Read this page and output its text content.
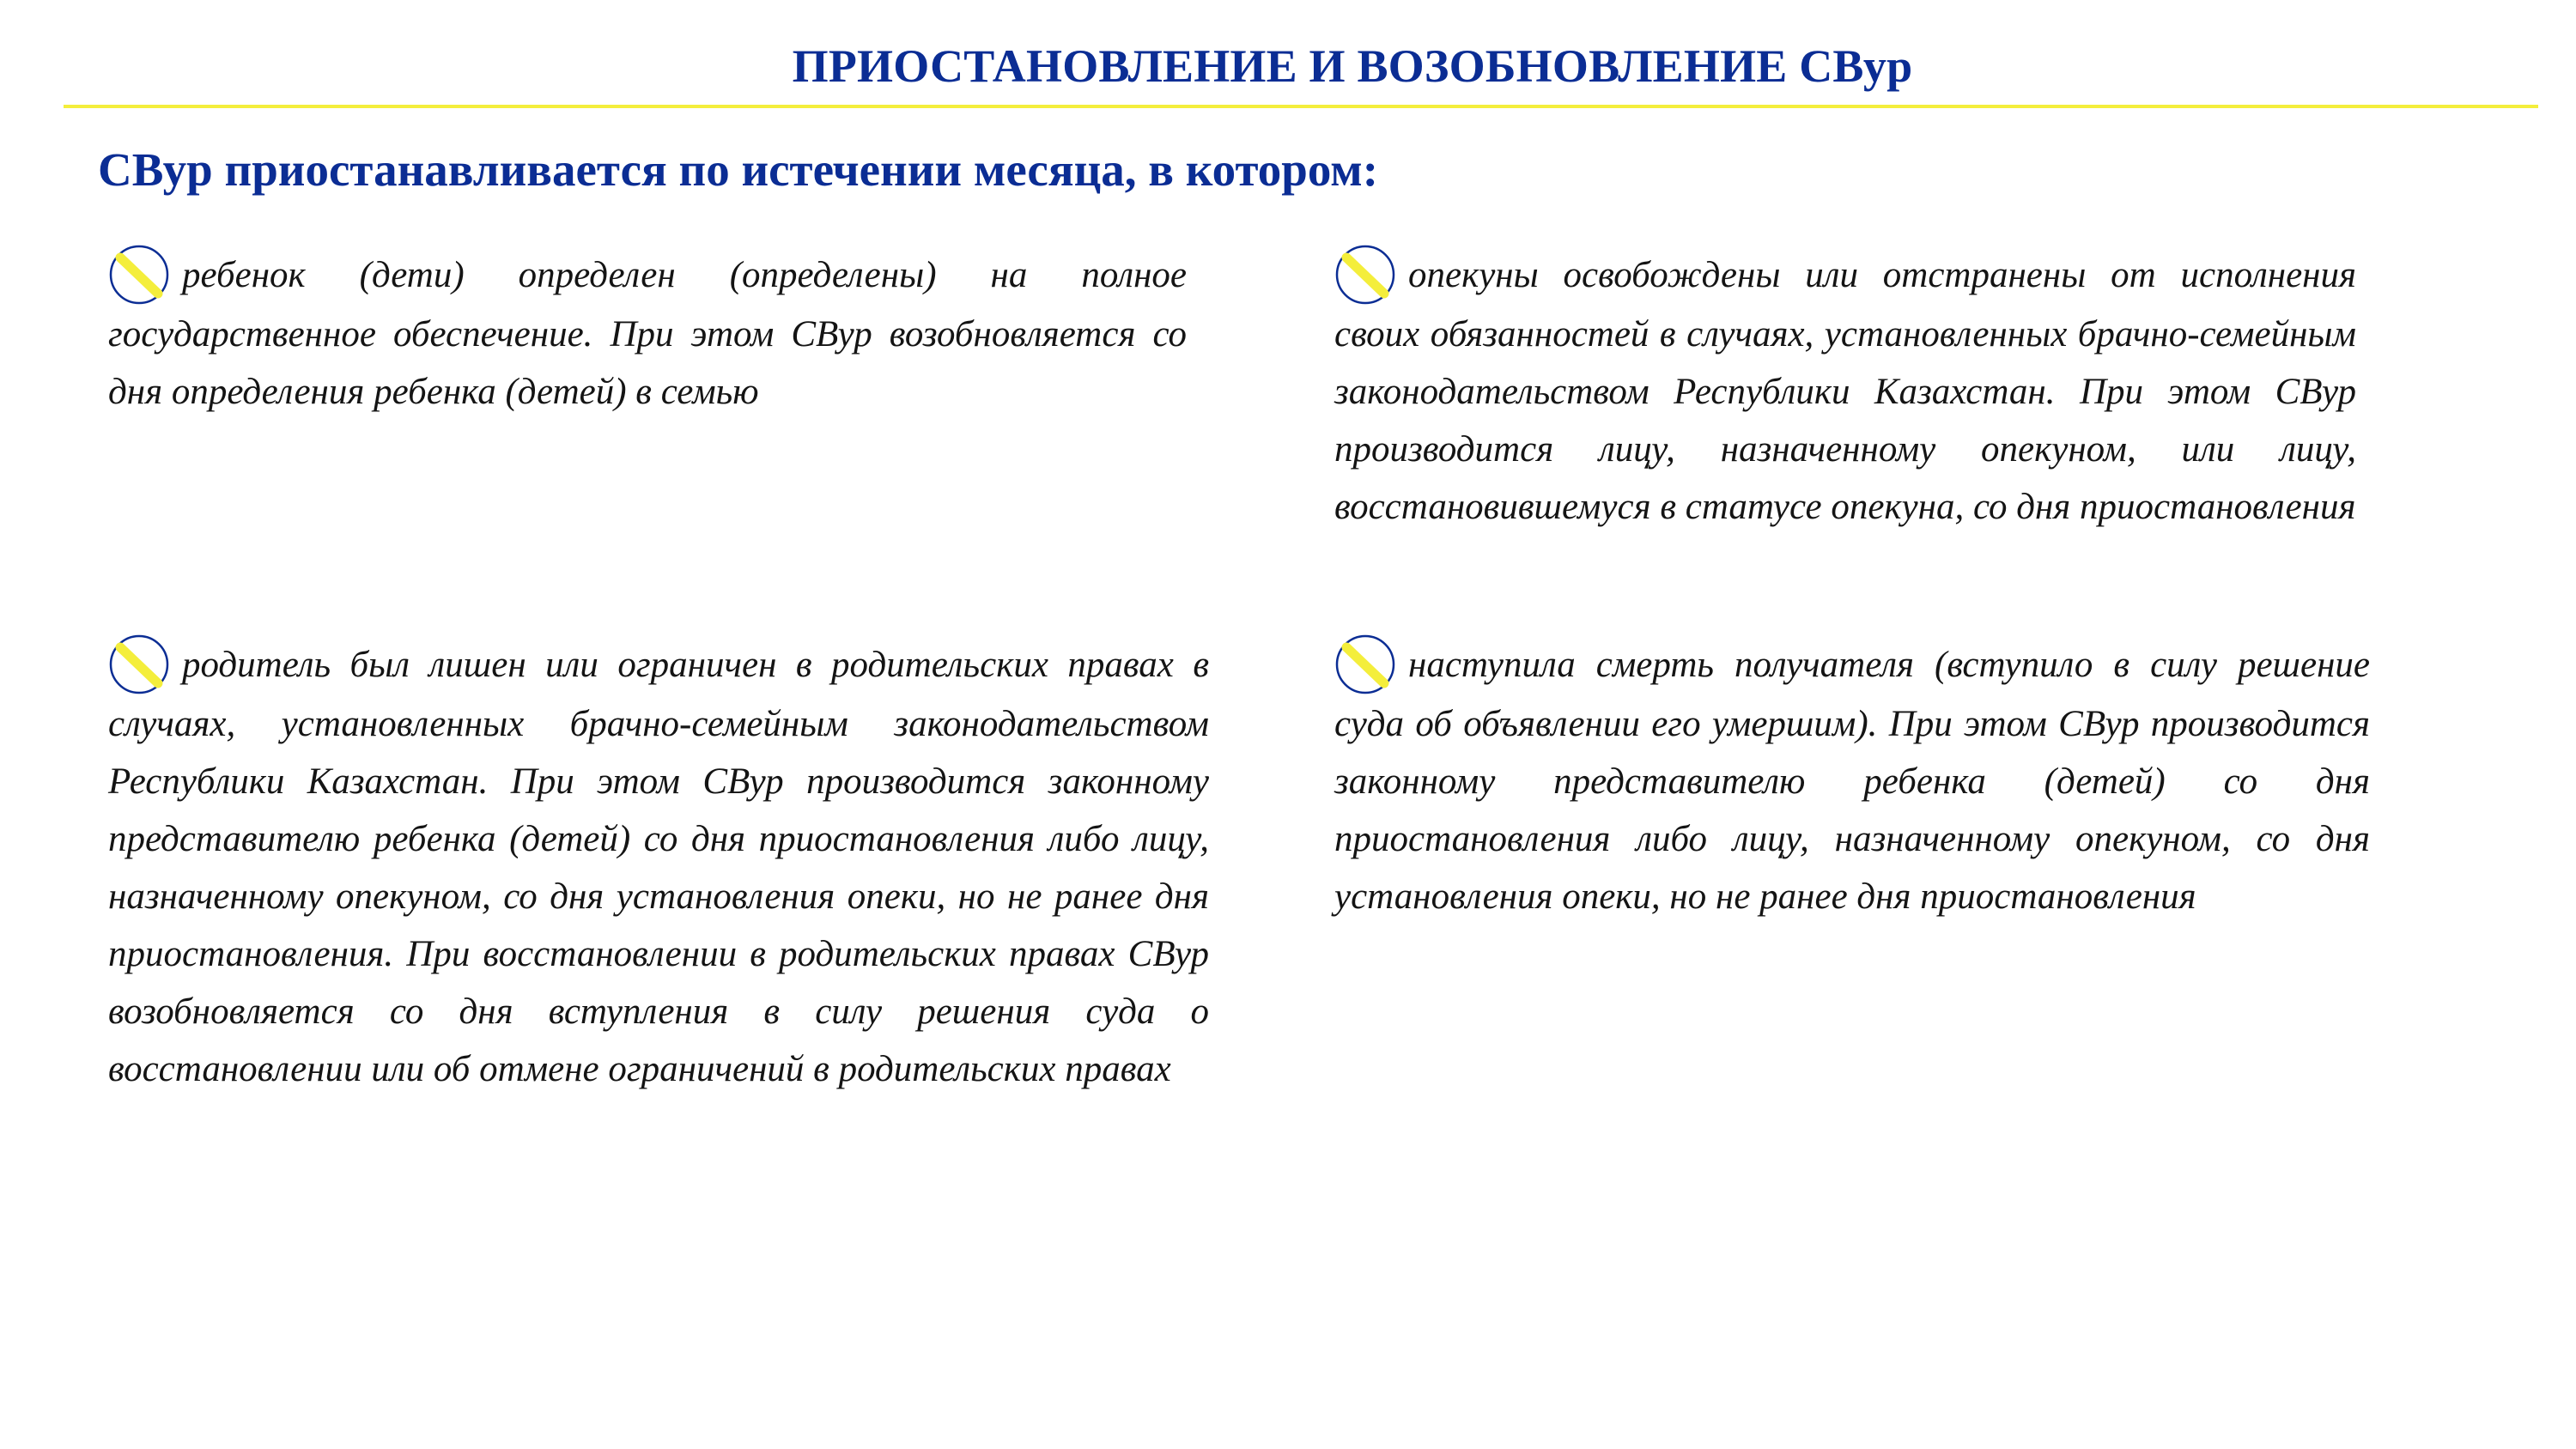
ПРИОСТАНОВЛЕНИЕ И ВОЗОБНОВЛЕНИЕ СВур
СВур приостанавливается по истечении месяца, в котором:
ребенок (дети) определен (определены) на полное государственное обеспечение. При этом СВур возобновляется со дня определения ребенка (детей) в семью
опекуны освобождены или отстранены от исполнения своих обязанностей в случаях, установленных брачно-семейным законодательством Республики Казахстан. При этом СВур производится лицу, назначенному опекуном, или лицу, восстановившемуся в статусе опекуна, со дня приостановления
родитель был лишен или ограничен в родительских правах в случаях, установленных брачно-семейным законодательством Республики Казахстан. При этом СВур производится законному представителю ребенка (детей) со дня приостановления либо лицу, назначенному опекуном, со дня установления опеки, но не ранее дня приостановления. При восстановлении в родительских правах СВур возобновляется со дня вступления в силу решения суда о восстановлении или об отмене ограничений в родительских правах
наступила смерть получателя (вступило в силу решение суда об объявлении его умершим). При этом СВур производится законному представителю ребенка (детей) со дня приостановления либо лицу, назначенному опекуном, со дня установления опеки, но не ранее дня приостановления
